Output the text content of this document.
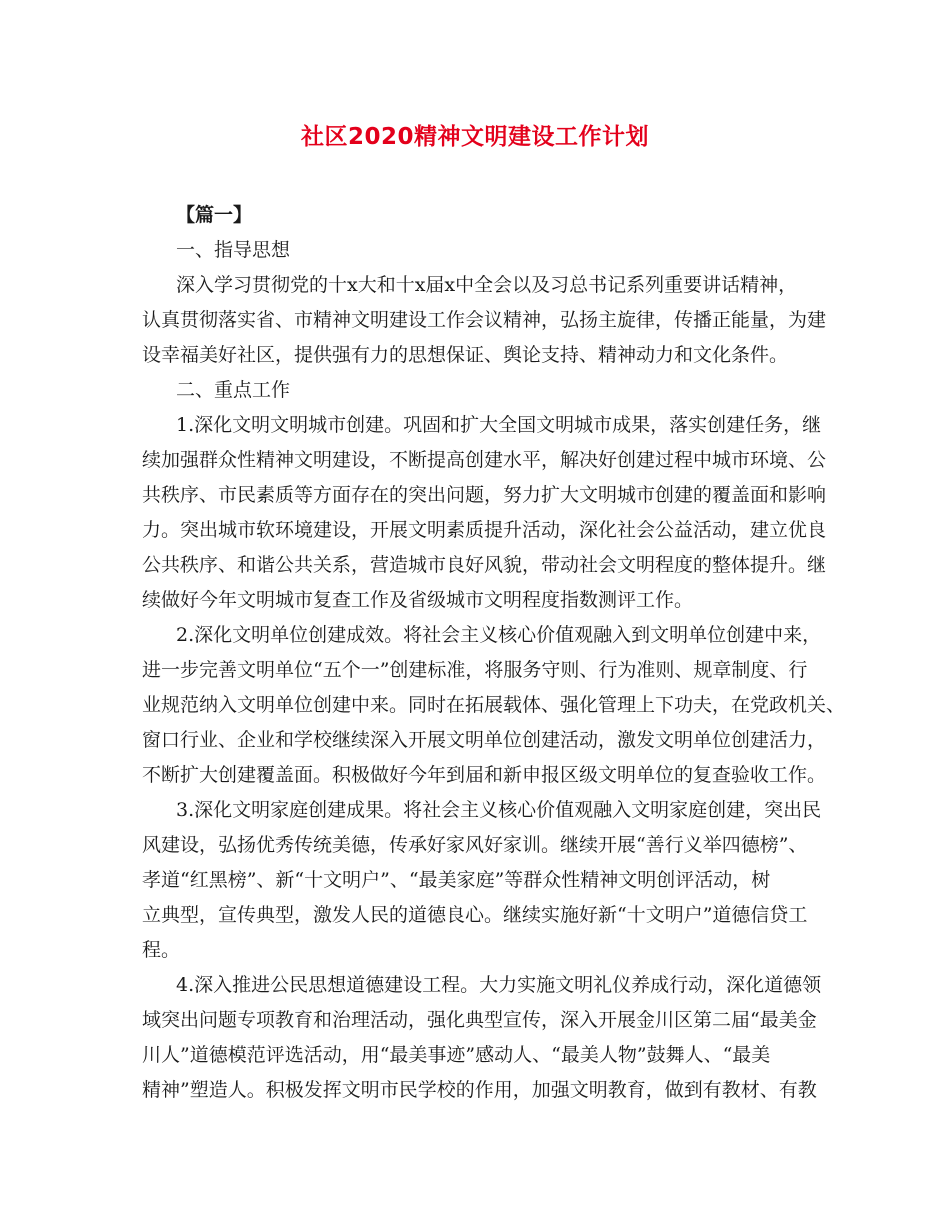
社区2020精神文明建设工作计划
【篇一】
一、指导思想
深入学习贯彻党的十x大和十x届x中全会以及习总书记系列重要讲话精神，
认真贯彻落实省、市精神文明建设工作会议精神，弘扬主旋律，传播正能量，为建
设幸福美好社区，提供强有力的思想保证、舆论支持、精神动力和文化条件。
二、重点工作
1.深化文明文明城市创建。巩固和扩大全国文明城市成果，落实创建任务，继
续加强群众性精神文明建设，不断提高创建水平，解决好创建过程中城市环境、公
共秩序、市民素质等方面存在的突出问题，努力扩大文明城市创建的覆盖面和影响
力。突出城市软环境建设，开展文明素质提升活动，深化社会公益活动，建立优良
公共秩序、和谐公共关系，营造城市良好风貌，带动社会文明程度的整体提升。继
续做好今年文明城市复查工作及省级城市文明程度指数测评工作。
2.深化文明单位创建成效。将社会主义核心价值观融入到文明单位创建中来，
进一步完善文明单位“五个一”创建标准，将服务守则、行为准则、规章制度、行
业规范纳入文明单位创建中来。同时在拓展载体、强化管理上下功夫，在党政机关、
窗口行业、企业和学校继续深入开展文明单位创建活动，激发文明单位创建活力，
不断扩大创建覆盖面。积极做好今年到届和新申报区级文明单位的复查验收工作。
3.深化文明家庭创建成果。将社会主义核心价值观融入文明家庭创建，突出民
风建设，弘扬优秀传统美德，传承好家风好家训。继续开展“善行义举四德榜”、
孝道“红黑榜”、新“十文明户”、“最美家庭”等群众性精神文明创评活动，树
立典型，宣传典型，激发人民的道德良心。继续实施好新“十文明户”道德信贷工
程。
4.深入推进公民思想道德建设工程。大力实施文明礼仪养成行动，深化道德领
域突出问题专项教育和治理活动，强化典型宣传，深入开展金川区第二届“最美金
川人”道德模范评选活动，用“最美事迹”感动人、“最美人物”鼓舞人、“最美
精神”塑造人。积极发挥文明市民学校的作用，加强文明教育，做到有教材、有教
